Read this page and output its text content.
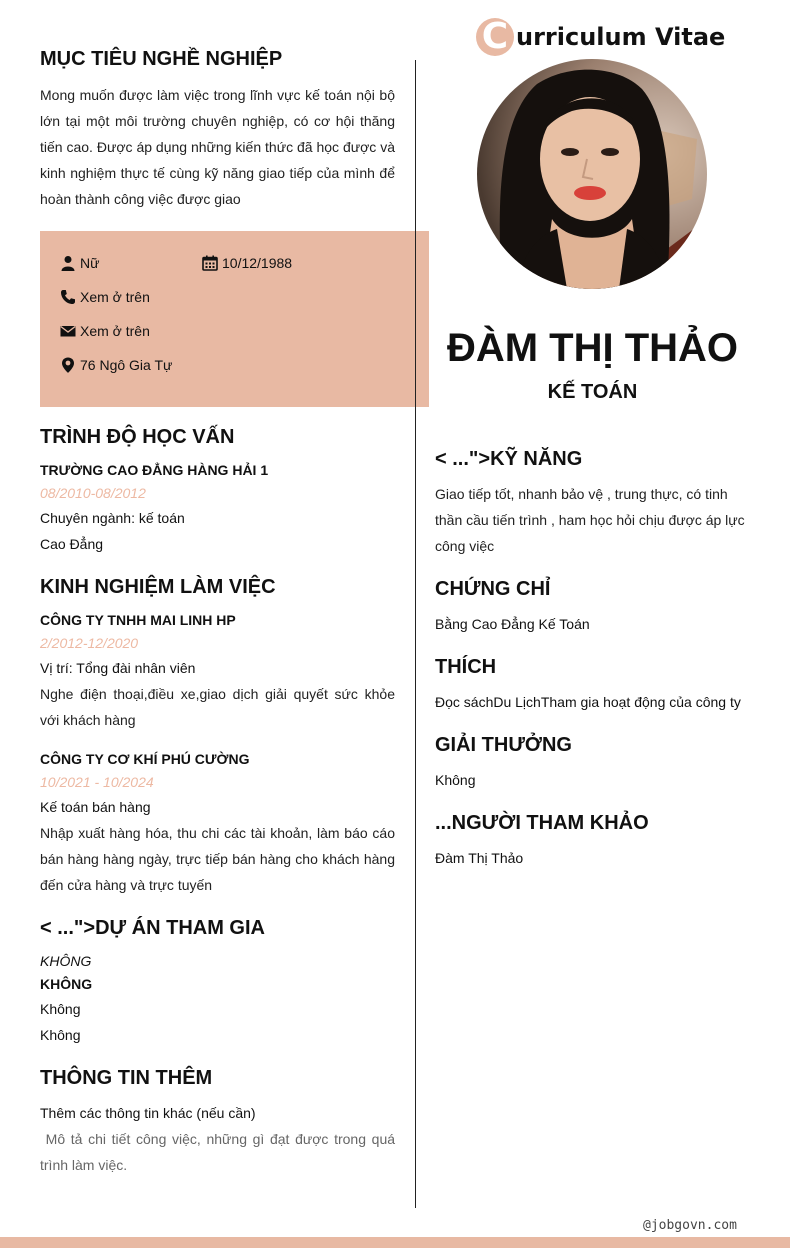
MỤC TIÊU NGHỀ NGHIỆP
Mong muốn được làm việc trong lĩnh vực kế toán nội bộ lớn tại một môi trường chuyên nghiệp, có cơ hội thăng tiến cao. Được áp dụng những kiến thức đã học được và kinh nghiệm thực tế cùng kỹ năng giao tiếp của mình để hoàn thành công việc được giao
Nữ	10/12/1988
Xem ở trên
Xem ở trên
76 Ngô Gia Tự
TRÌNH ĐỘ HỌC VẤN
TRƯỜNG CAO ĐẲNG HÀNG HẢI 1
08/2010-08/2012
Chuyên ngành: kế toán
Cao Đẳng
KINH NGHIỆM LÀM VIỆC
CÔNG TY TNHH MAI LINH HP
2/2012-12/2020
Vị trí: Tổng đài nhân viên
Nghe điện thoại,điều xe,giao dịch giải quyết sức khỏe với khách hàng
CÔNG TY CƠ KHÍ PHÚ CƯỜNG
10/2021 - 10/2024
Kế toán bán hàng
Nhập xuất hàng hóa, thu chi các tài khoản, làm báo cáo bán hàng hàng ngày, trực tiếp bán hàng cho khách hàng đến cửa hàng và trực tuyến
< ...">DỰ ÁN THAM GIA
KHÔNG
KHÔNG
Không
Không
THÔNG TIN THÊM
Thêm các thông tin khác (nếu cần)
Mô tả chi tiết công việc, những gì đạt được trong quá trình làm việc.
C urriculum Vitae
ĐÀM THỊ THẢO
KẾ TOÁN
< ...">KỸ NĂNG
Giao tiếp tốt, nhanh bảo vệ , trung thực, có tinh thần cầu tiến trình , ham học hỏi chịu được áp lực công việc
CHỨNG CHỈ
Bằng Cao Đẳng Kế Toán
THÍCH
Đọc sáchDu LịchTham gia hoạt động của công ty
GIẢI THƯỞNG
Không
...NGƯỜI THAM KHẢO
Đàm Thị Thảo
@jobgovn.com
